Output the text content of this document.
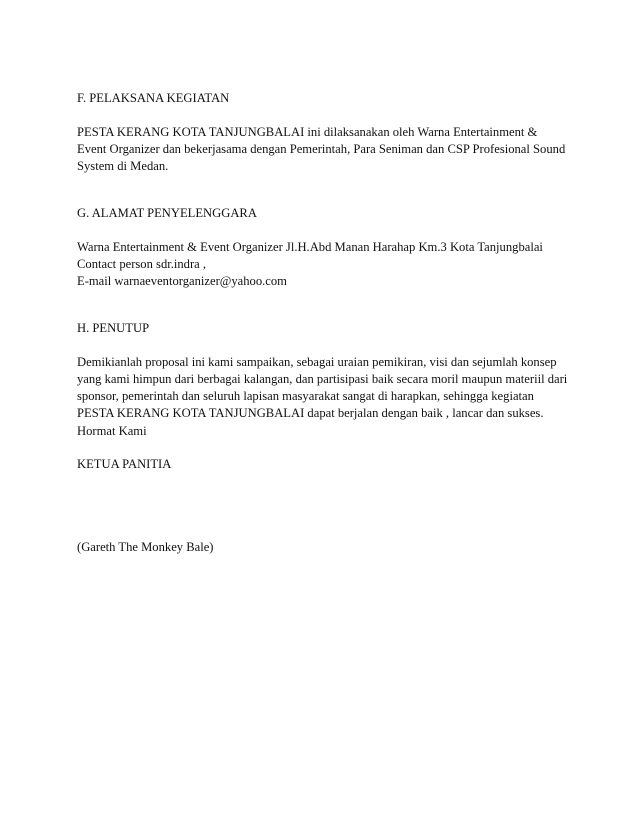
F. PELAKSANA KEGIATAN

PESTA KERANG KOTA TANJUNGBALAI ini dilaksanakan oleh Warna Entertainment &

Event Organizer dan bekerjasama dengan Pemerintah, Para Seniman dan CSP Profesional Sound

System di Medan.

G. ALAMAT PENYELENGGARA

Warna Entertainment & Event Organizer Jl.H.Abd Manan Harahap Km.3 Kota Tanjungbalai

Contact person sdr.indra ,

E-mail warnaeventorganizer@yahoo.com

H. PENUTUP

Demikianlah proposal ini kami sampaikan, sebagai uraian pemikiran, visi dan sejumlah konsep

yang kami himpun dari berbagai kalangan, dan partisipasi baik secara moril maupun materiil dari

sponsor, pemerintah dan seluruh lapisan masyarakat sangat di harapkan, sehingga kegiatan

PESTA KERANG KOTA TANJUNGBALAI dapat berjalan dengan baik , lancar dan sukses.

Hormat Kami

KETUA PANITIA

(Gareth The Monkey Bale)
